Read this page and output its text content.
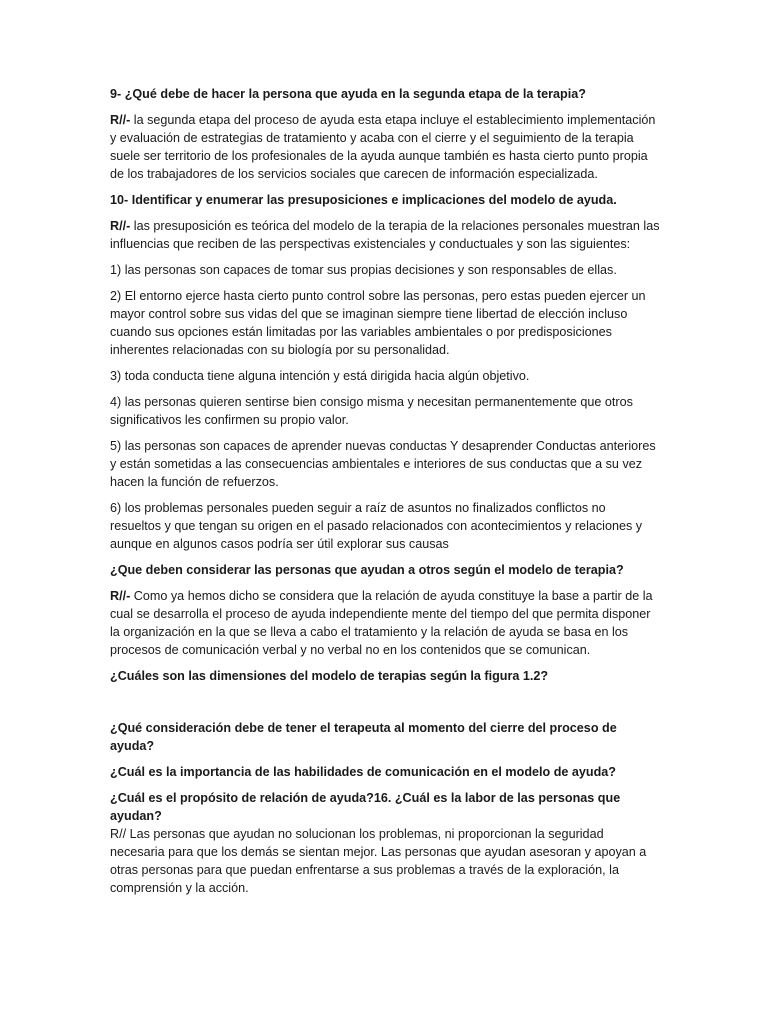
9- ¿Qué debe de hacer la persona que ayuda en la segunda etapa de la terapia?

R//- la segunda etapa del proceso de ayuda esta etapa incluye el establecimiento implementación y evaluación de estrategias de tratamiento y acaba con el cierre y el seguimiento de la terapia suele ser territorio de los profesionales de la ayuda aunque también es hasta cierto punto propia de los trabajadores de los servicios sociales que carecen de información especializada.

10- Identificar y enumerar las presuposiciones e implicaciones del modelo de ayuda.

R//- las presuposición es teórica del modelo de la terapia de la relaciones personales muestran las influencias que reciben de las perspectivas existenciales y conductuales y son las siguientes:

1) las personas son capaces de tomar sus propias decisiones y son responsables de ellas.

2) El entorno ejerce hasta cierto punto control sobre las personas, pero estas pueden ejercer un mayor control sobre sus vidas del que se imaginan siempre tiene libertad de elección incluso cuando sus opciones están limitadas por las variables ambientales o por predisposiciones inherentes relacionadas con su biología por su personalidad.

3) toda conducta tiene alguna intención y está dirigida hacia algún objetivo.

4) las personas quieren sentirse bien consigo misma y necesitan permanentemente que otros significativos les confirmen su propio valor.

5) las personas son capaces de aprender nuevas conductas Y desaprender Conductas anteriores y están sometidas a las consecuencias ambientales e interiores de sus conductas que a su vez hacen la función de refuerzos.

6) los problemas personales pueden seguir a raíz de asuntos no finalizados conflictos no resueltos y que tengan su origen en el pasado relacionados con acontecimientos y relaciones y aunque en algunos casos podría ser útil explorar sus causas

¿Que deben considerar las personas que ayudan a otros según el modelo de terapia?

R//- Como ya hemos dicho se considera que la relación de ayuda constituye la base a partir de la cual se desarrolla el proceso de ayuda independiente mente del tiempo del que permita disponer la organización en la que se lleva a cabo el tratamiento y la relación de ayuda se basa en los procesos de comunicación verbal y no verbal no en los contenidos que se comunican.

¿Cuáles son las dimensiones del modelo de terapias según la figura 1.2?

¿Qué consideración debe de tener el terapeuta al momento del cierre del proceso de ayuda?

¿Cuál es la importancia de las habilidades de comunicación en el modelo de ayuda?

¿Cuál es el propósito de relación de ayuda?16. ¿Cuál es la labor de las personas que ayudan?

R// Las personas que ayudan no solucionan los problemas, ni proporcionan la seguridad necesaria para que los demás se sientan mejor. Las personas que ayudan asesoran y apoyan a otras personas para que puedan enfrentarse a sus problemas a través de la exploración, la comprensión y la acción.
